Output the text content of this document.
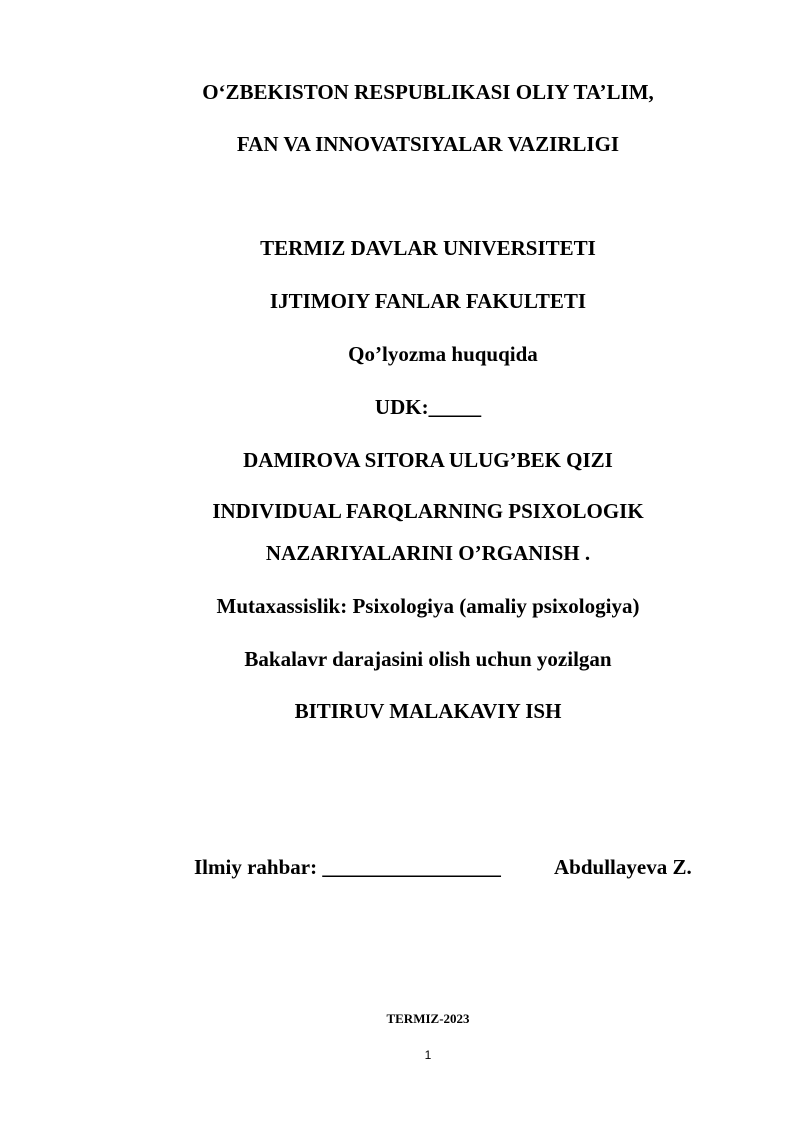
O‘ZBEKISTON RESPUBLIKASI OLIY TA’LIM,
FAN VA INNOVATSIYALAR VAZIRLIGI
TERMIZ DAVLAR UNIVERSITETI
IJTIMOIY FANLAR FAKULTETI
Qo’lyozma huquqida
UDK:_____
DAMIROVA SITORA ULUG’BEK QIZI
INDIVIDUAL FARQLARNING PSIXOLOGIK
NAZARIYALARINI O’RGANISH .
Mutaxassislik: Psixologiya (amaliy psixologiyа)
Bakalavr darajasini olish uchun yozilgan
BITIRUV MALAKAVIY ISH
Ilmiy rahbar: _________________	Abdullayeva Z.
TERMIZ-2023
1
